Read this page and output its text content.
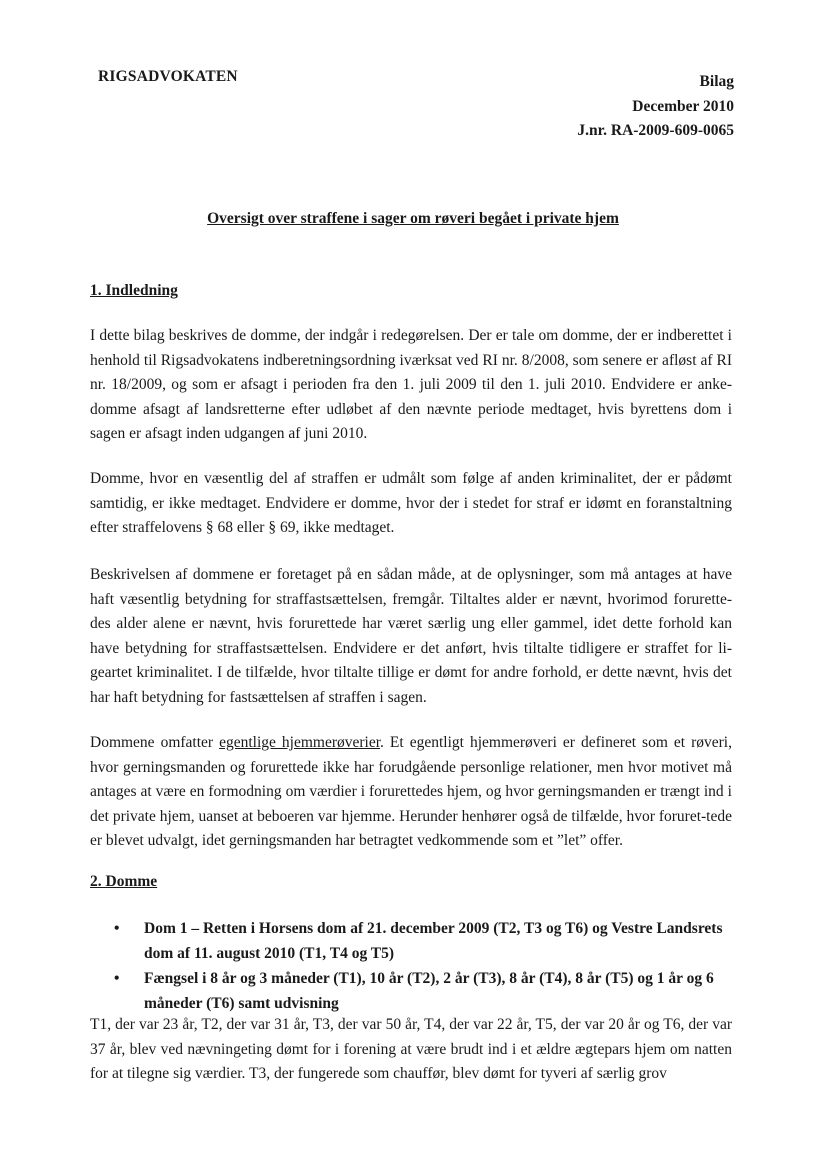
RIGSADVOKATEN	Bilag
December 2010
J.nr. RA-2009-609-0065
Oversigt over straffene i sager om røveri begået i private hjem
1. Indledning

I dette bilag beskrives de domme, der indgår i redegørelsen. Der er tale om domme, der er indberettet i henhold til Rigsadvokatens indberetningsordning iværksat ved RI nr. 8/2008, som senere er afløst af RI nr. 18/2009, og som er afsagt i perioden fra den 1. juli 2009 til den 1. juli 2010. Endvidere er anke-domme afsagt af landsretterne efter udløbet af den nævnte periode medtaget, hvis byrettens dom i sagen er afsagt inden udgangen af juni 2010.

Domme, hvor en væsentlig del af straffen er udmålt som følge af anden kriminalitet, der er pådømt samtidig, er ikke medtaget. Endvidere er domme, hvor der i stedet for straf er idømt en foranstaltning efter straffelovens § 68 eller § 69, ikke medtaget.

Beskrivelsen af dommene er foretaget på en sådan måde, at de oplysninger, som må antages at have haft væsentlig betydning for straffastsættelsen, fremgår. Tiltaltes alder er nævnt, hvorimod forurette-des alder alene er nævnt, hvis forurettede har været særlig ung eller gammel, idet dette forhold kan have betydning for straffastsættelsen. Endvidere er det anført, hvis tiltalte tidligere er straffet for li-geartet kriminalitet. I de tilfælde, hvor tiltalte tillige er dømt for andre forhold, er dette nævnt, hvis det har haft betydning for fastsættelsen af straffen i sagen.

Dommene omfatter egentlige hjemmerøverier. Et egentligt hjemmerøveri er defineret som et røveri, hvor gerningsmanden og forurettede ikke har forudgående personlige relationer, men hvor motivet må antages at være en formodning om værdier i forurettedes hjem, og hvor gerningsmanden er trængt ind i det private hjem, uanset at beboeren var hjemme. Herunder henhører også de tilfælde, hvor foruret-tede er blevet udvalgt, idet gerningsmanden har betragtet vedkommende som et ”let” offer.

2. Domme
• Dom 1 – Retten i Horsens dom af 21. december 2009 (T2, T3 og T6) og Vestre Landsrets dom af 11. august 2010 (T1, T4 og T5)
• Fængsel i 8 år og 3 måneder (T1), 10 år (T2), 2 år (T3), 8 år (T4), 8 år (T5) og 1 år og 6 måneder (T6) samt udvisning

T1, der var 23 år, T2, der var 31 år, T3, der var 50 år, T4, der var 22 år, T5, der var 20 år og T6, der var 37 år, blev ved nævningeting dømt for i forening at være brudt ind i et ældre ægtepars hjem om natten for at tilegne sig værdier. T3, der fungerede som chauffør, blev dømt for tyveri af særlig grov
